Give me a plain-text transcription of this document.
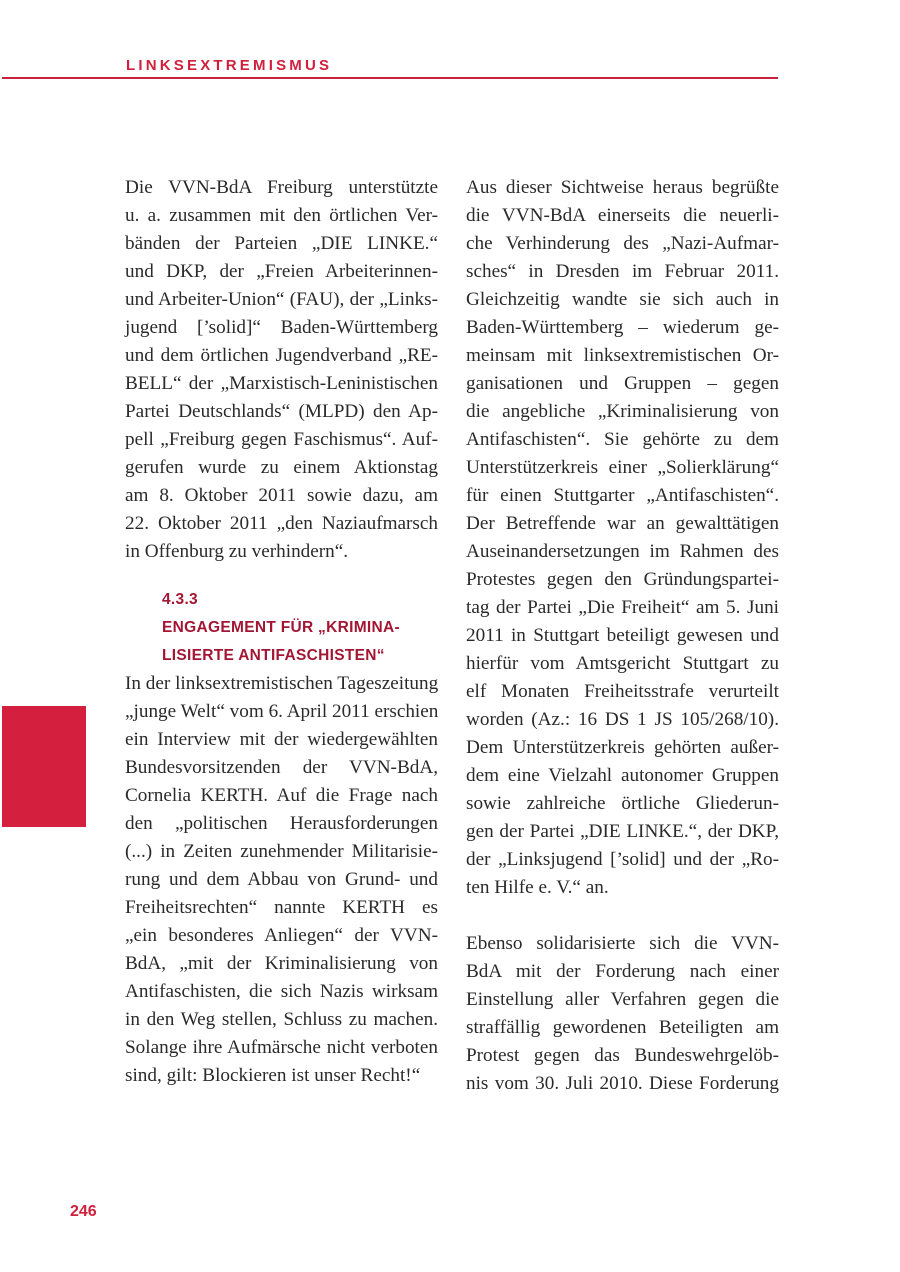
LINKSEXTREMISMUS

Die VVN-BdA Freiburg unterstützte
u. a. zusammen mit den örtlichen Ver-
bänden der Parteien „DIE LINKE.“
und DKP, der „Freien Arbeiterinnen-
und Arbeiter-Union“ (FAU), der „Links-
jugend [’solid]“ Baden-Württemberg
und dem örtlichen Jugendverband „RE-
BELL“ der „Marxistisch-Leninistischen
Partei Deutschlands“ (MLPD) den Ap-
pell „Freiburg gegen Faschismus“. Auf-
gerufen wurde zu einem Aktionstag
am 8. Oktober 2011 sowie dazu, am
22. Oktober 2011 „den Naziaufmarsch
in Offenburg zu verhindern“.

4.3.3
ENGAGEMENT FÜR „KRIMINA-
LISIERTE ANTIFASCHISTEN“

In der linksextremistischen Tageszeitung
„junge Welt“ vom 6. April 2011 erschien
ein Interview mit der wiedergewählten
Bundesvorsitzenden der VVN-BdA,
Cornelia KERTH. Auf die Frage nach
den „politischen Herausforderungen
(...) in Zeiten zunehmender Militarisie-
rung und dem Abbau von Grund- und
Freiheitsrechten“ nannte KERTH es
„ein besonderes Anliegen“ der VVN-
BdA, „mit der Kriminalisierung von
Antifaschisten, die sich Nazis wirksam
in den Weg stellen, Schluss zu machen.
Solange ihre Aufmärsche nicht verboten
sind, gilt: Blockieren ist unser Recht!“

Aus dieser Sichtweise heraus begrüßte
die VVN-BdA einerseits die neuerli-
che Verhinderung des „Nazi-Aufmar-
sches“ in Dresden im Februar 2011.
Gleichzeitig wandte sie sich auch in
Baden-Württemberg – wiederum ge-
meinsam mit linksextremistischen Or-
ganisationen und Gruppen – gegen
die angebliche „Kriminalisierung von
Antifaschisten“. Sie gehörte zu dem
Unterstützerkreis einer „Solierklärung“
für einen Stuttgarter „Antifaschisten“.
Der Betreffende war an gewalttätigen
Auseinandersetzungen im Rahmen des
Protestes gegen den Gründungspartei-
tag der Partei „Die Freiheit“ am 5. Juni
2011 in Stuttgart beteiligt gewesen und
hierfür vom Amtsgericht Stuttgart zu
elf Monaten Freiheitsstrafe verurteilt
worden (Az.: 16 DS 1 JS 105/268/10).
Dem Unterstützerkreis gehörten außer-
dem eine Vielzahl autonomer Gruppen
sowie zahlreiche örtliche Gliederun-
gen der Partei „DIE LINKE.“, der DKP,
der „Linksjugend [’solid] und der „Ro-
ten Hilfe e. V.“ an.

Ebenso solidarisierte sich die VVN-
BdA mit der Forderung nach einer
Einstellung aller Verfahren gegen die
straffällig gewordenen Beteiligten am
Protest gegen das Bundeswehrgelöb-
nis vom 30. Juli 2010. Diese Forderung

246
